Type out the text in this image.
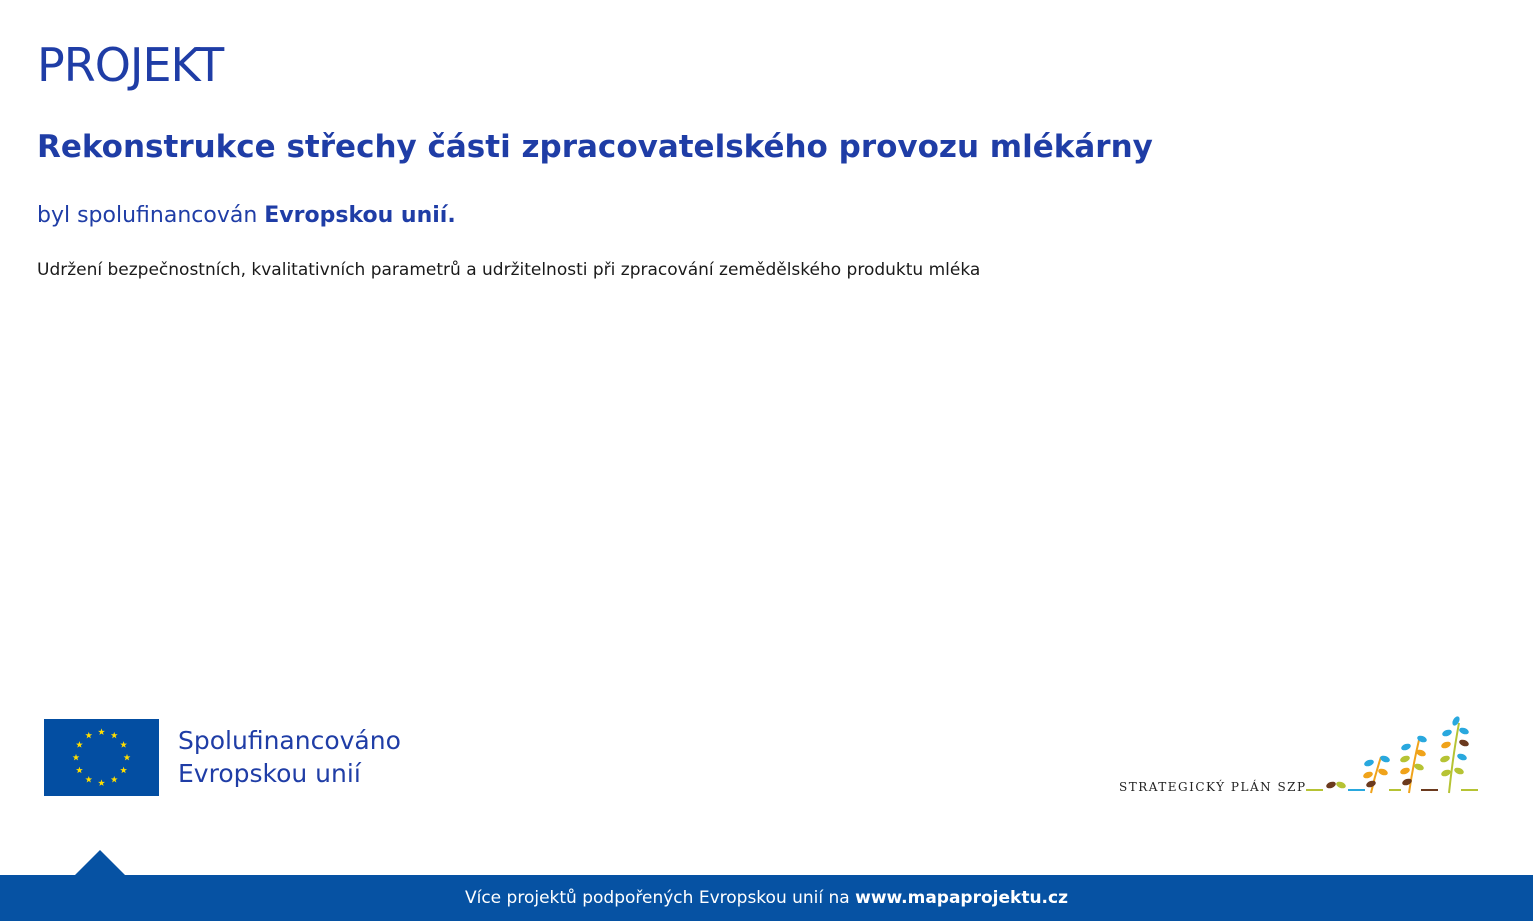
PROJEKT
Rekonstrukce střechy části zpracovatelského provozu mlékárny
byl spolufinancován Evropskou unií.
Udržení bezpečnostních, kvalitativních parametrů a udržitelnosti při zpracování zemědělského produktu mléka
Spolufinancováno
Evropskou unií	STRATEGICKÝ PLÁN SZP
Více projektů podpořených Evropskou unií na
www.mapaprojektu.cz
